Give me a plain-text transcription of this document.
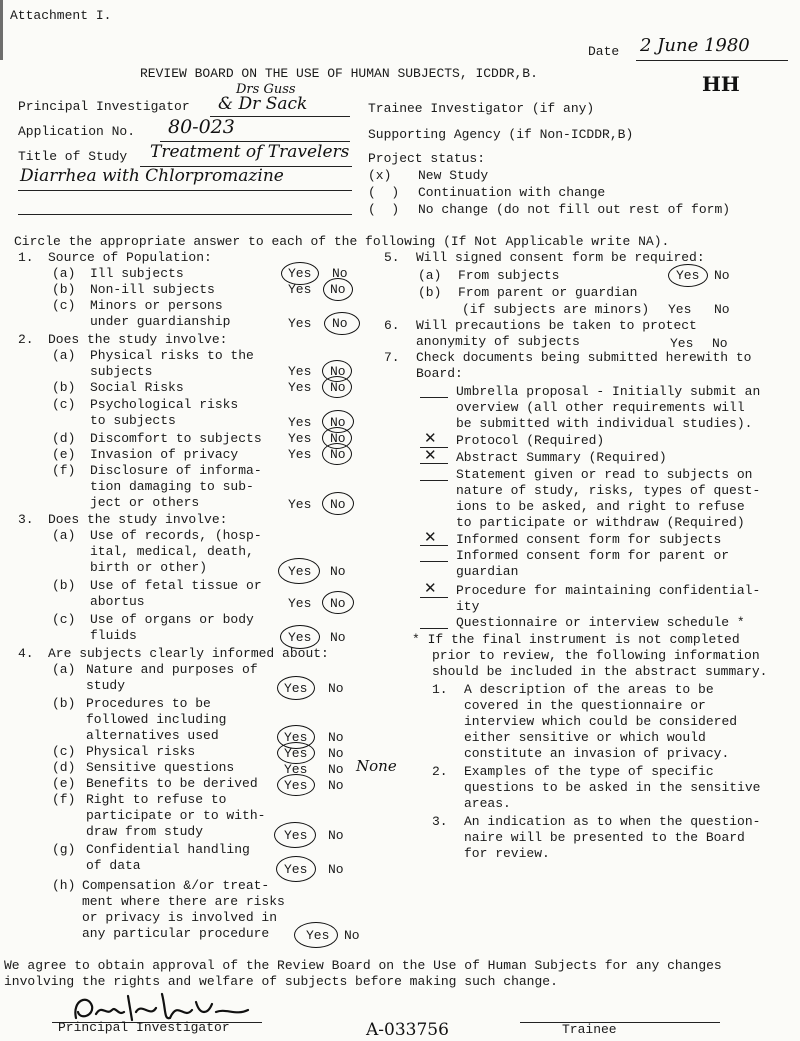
Attachment I.
Date 2 June 1980
HH
REVIEW BOARD ON THE USE OF HUMAN SUBJECTS, ICDDR,B.
Principal Investigator
Drs Guss
& Dr Sack
Application No. 80-023
Title of Study Treatment of Travelers
Diarrhea with Chlorpromazine
Trainee Investigator (if any)
Supporting Agency (if Non-ICDDR,B)
Project status:
(x) New Study
(  ) Continuation with change
(  ) No change (do not fill out rest of form)
Circle the appropriate answer to each of the following (If Not Applicable write NA).
1. Source of Population:
(a) Ill subjects	Yes No
(b) Non-ill subjects	Yes No
(c) Minors or persons
under guardianship	Yes No
2. Does the study involve:
(a) Physical risks to the
subjects	Yes No
(b) Social Risks	Yes No
(c) Psychological risks
to subjects	Yes No
(d) Discomfort to subjects Yes No
(e) Invasion of privacy	Yes No
(f) Disclosure of informa-
tion damaging to sub-
ject or others	Yes No
3. Does the study involve:
(a) Use of records, (hosp-
ital, medical, death,
birth or other)	Yes No
(b) Use of fetal tissue or
abortus	Yes No
(c) Use of organs or body
fluids	Yes No
4. Are subjects clearly informed about:
(a) Nature and purposes of
study	Yes No
(b) Procedures to be
followed including
alternatives used	Yes No
(c) Physical risks	Yes No
(d) Sensitive questions	Yes No None
(e) Benefits to be derived Yes No
(f) Right to refuse to
participate or to with-
draw from study	Yes No
(g) Confidential handling
of data	Yes No
(h) Compensation &/or treat-
ment where there are risks
or privacy is involved in
any particular procedure	Yes No
5. Will signed consent form be required:
(a) From subjects	Yes No
(b) From parent or guardian
(if subjects are minors) Yes No
6. Will precautions be taken to protect
anonymity of subjects	Yes No
7. Check documents being submitted herewith to
Board:
Umbrella proposal - Initially submit an
overview (all other requirements will
be submitted with individual studies).
✕ Protocol (Required)
✕ Abstract Summary (Required)
Statement given or read to subjects on
nature of study, risks, types of quest-
ions to be asked, and right to refuse
to participate or withdraw (Required)
✕ Informed consent form for subjects
Informed consent form for parent or
guardian
✕ Procedure for maintaining confidential-
ity
Questionnaire or interview schedule *
* If the final instrument is not completed
prior to review, the following information
should be included in the abstract summary.
1. A description of the areas to be
covered in the questionnaire or
interview which could be considered
either sensitive or which would
constitute an invasion of privacy.
2. Examples of the type of specific
questions to be asked in the sensitive
areas.
3. An indication as to when the question-
naire will be presented to the Board
for review.
We agree to obtain approval of the Review Board on the Use of Human Subjects for any changes
involving the rights and welfare of subjects before making such change.
Principal Investigator	A-033756	Trainee
